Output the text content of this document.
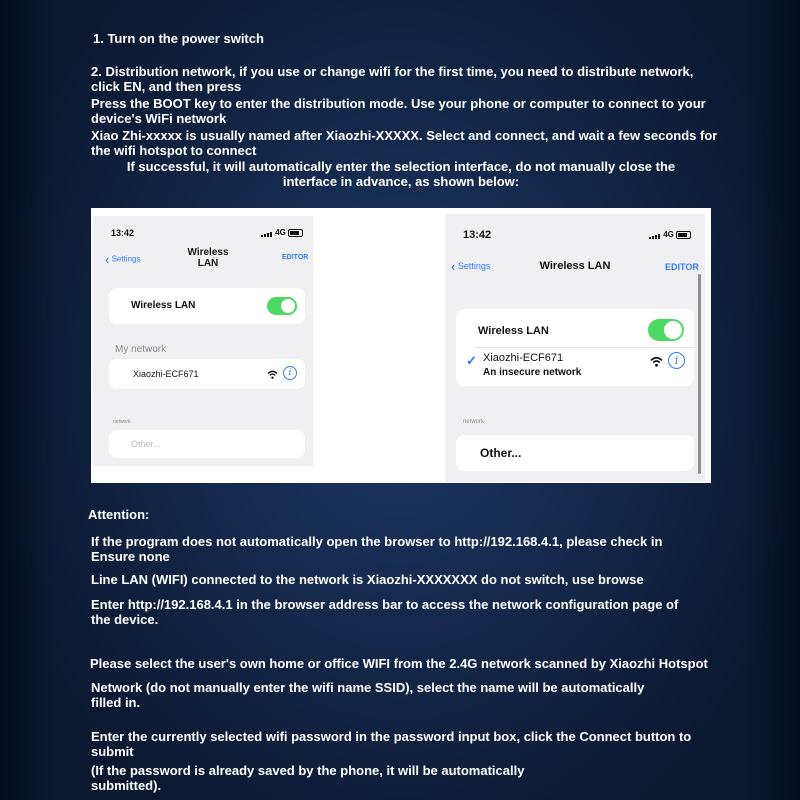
1. Turn on the power switch
2. Distribution network, if you use or change wifi for the first time, you need to distribute network,
click EN, and then press
Press the BOOT key to enter the distribution mode. Use your phone or computer to connect to your
device's WiFi network
Xiao Zhi-xxxxx is usually named after Xiaozhi-XXXXX. Select and connect, and wait a few seconds for
the wifi hotspot to connect
If successful, it will automatically enter the selection interface, do not manually close the
interface in advance, as shown below:
13:42	4G
‹ Settings
Wireless
LAN
EDITOR
Wireless LAN
My network
Xiaozhi-ECF671	i
network
Other...
13:42	4G
‹ Settings	Wireless LAN	EDITOR
Wireless LAN
✓ Xiaozhi-ECF671
An insecure network
i
network
Other...
Attention:
If the program does not automatically open the browser to http://192.168.4.1, please check in
Ensure none
Line LAN (WIFI) connected to the network is Xiaozhi-XXXXXXX do not switch, use browse
Enter http://192.168.4.1 in the browser address bar to access the network configuration page of
the device.
Please select the user's own home or office WIFI from the 2.4G network scanned by Xiaozhi Hotspot
Network (do not manually enter the wifi name SSID), select the name will be automatically
filled in.
Enter the currently selected wifi password in the password input box, click the Connect button to
submit
(If the password is already saved by the phone, it will be automatically
submitted).
